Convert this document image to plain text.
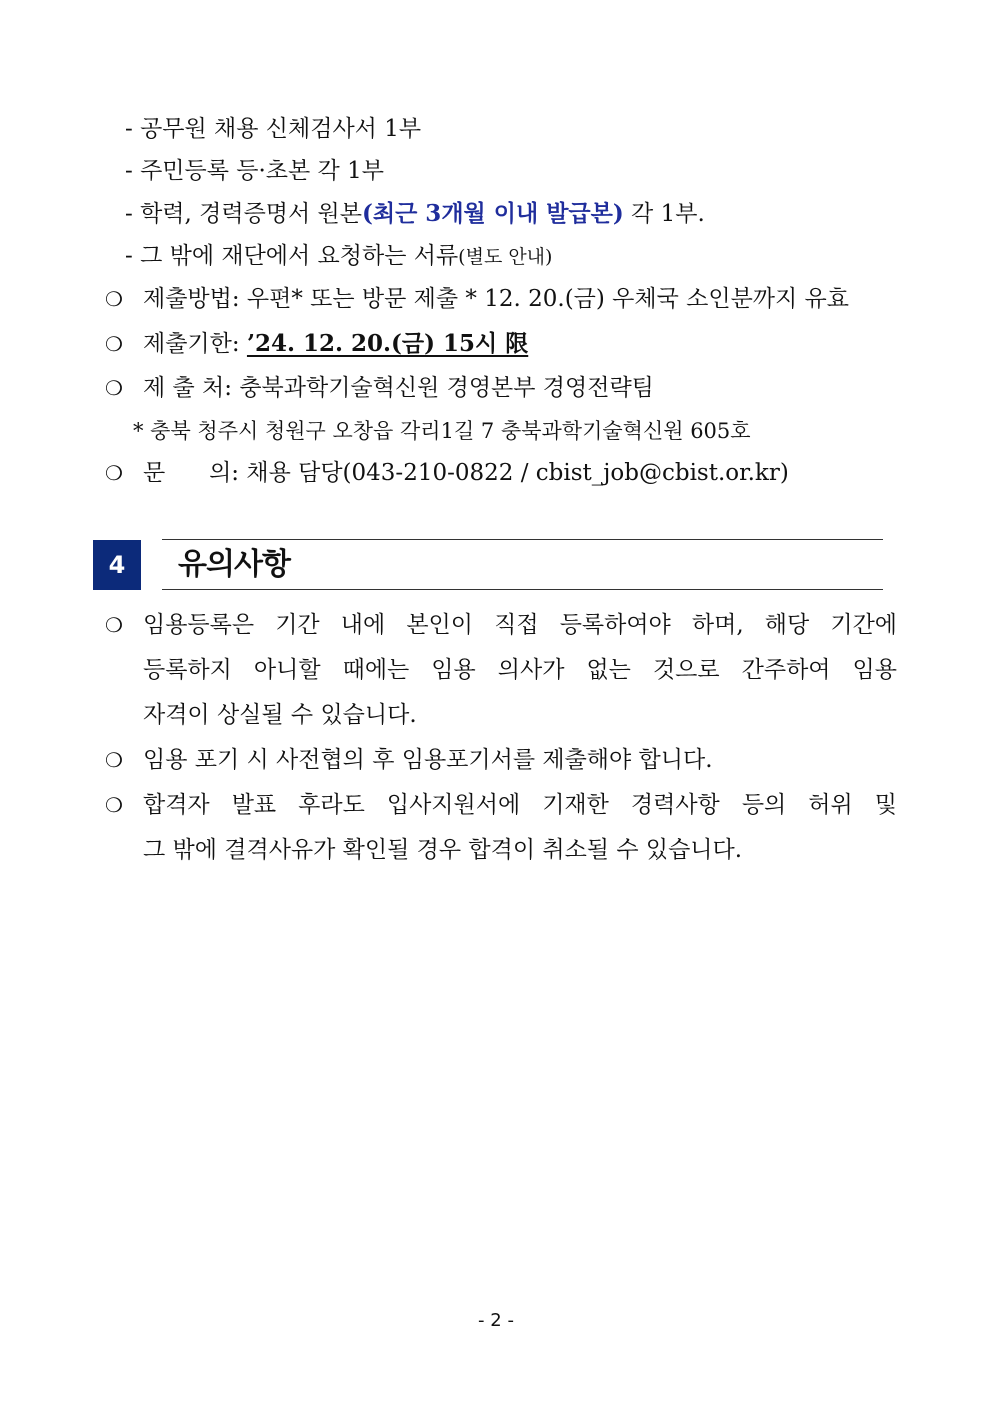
- 공무원 채용 신체검사서 1부
- 주민등록 등·초본 각 1부
- 학력, 경력증명서 원본(최근 3개월 이내 발급본) 각 1부.
- 그 밖에 재단에서 요청하는 서류(별도 안내)
❍ 제출방법: 우편* 또는 방문 제출 * 12. 20.(금) 우체국 소인분까지 유효
❍ 제출기한: ’24. 12. 20.(금) 15시 限
❍ 제 출 처: 충북과학기술혁신원 경영본부 경영전략팀
* 충북 청주시 청원구 오창읍 각리1길 7 충북과학기술혁신원 605호
❍ 문      의: 채용 담당(043-210-0822 / cbist_job@cbist.or.kr)
4	유의사항
❍ 임용등록은 기간 내에 본인이 직접 등록하여야 하며, 해당 기간에
등록하지 아니할 때에는 임용 의사가 없는 것으로 간주하여 임용
자격이 상실될 수 있습니다.
❍ 임용 포기 시 사전협의 후 임용포기서를 제출해야 합니다.
❍ 합격자 발표 후라도 입사지원서에 기재한 경력사항 등의 허위 및
그 밖에 결격사유가 확인될 경우 합격이 취소될 수 있습니다.
- 2 -
